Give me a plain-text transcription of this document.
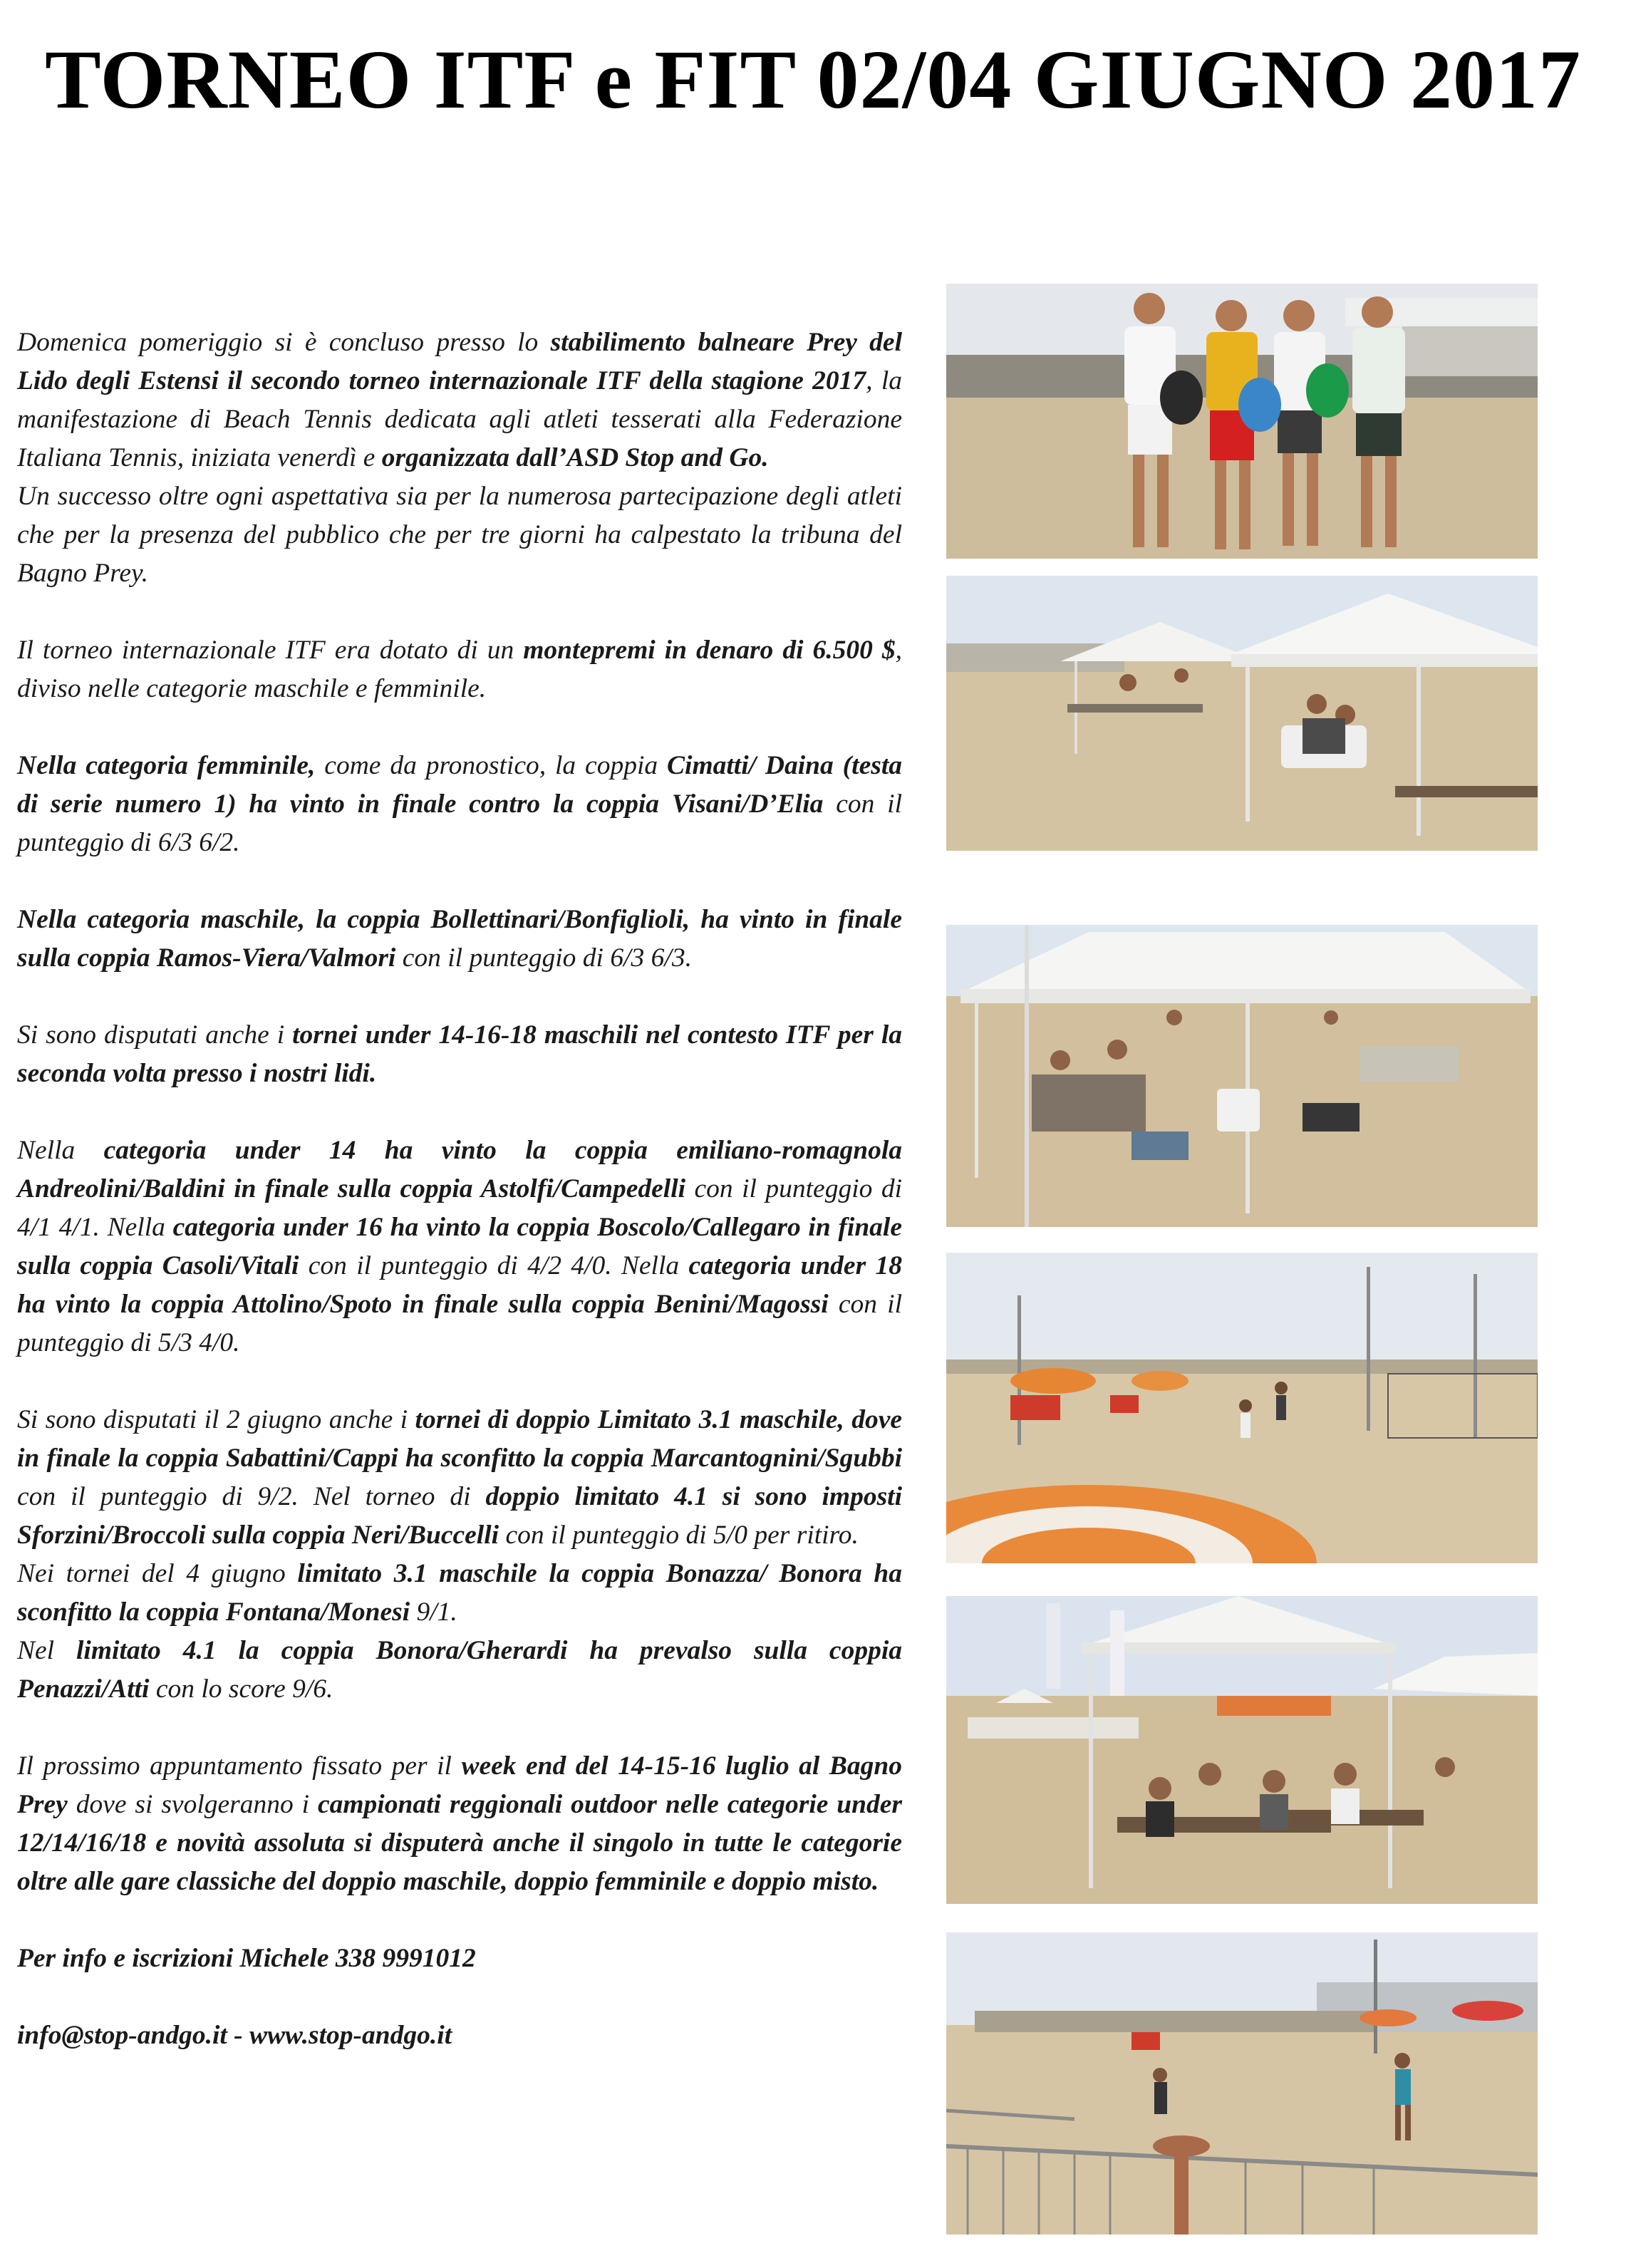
TORNEO ITF e FIT 02/04 GIUGNO 2017

Domenica pomeriggio si è concluso presso lo stabilimento balneare Prey del Lido degli Estensi il secondo torneo internazionale ITF della stagione 2017, la manifestazione di Beach Tennis dedicata agli atleti tesserati alla Federazione Italiana Tennis, iniziata venerdì e organizzata dall’ASD Stop and Go.

Un successo oltre ogni aspettativa sia per la numerosa partecipazione degli atleti che per la presenza del pubblico che per tre giorni ha calpestato la tribuna del Bagno Prey.

Il torneo internazionale ITF era dotato di un montepremi in denaro di 6.500 $, diviso nelle categorie maschile e femminile.

Nella categoria femminile, come da pronostico, la coppia Cimatti/ Daina (testa di serie numero 1) ha vinto in finale contro la coppia Visani/D’Elia con il punteggio di 6/3 6/2.

Nella categoria maschile, la coppia Bollettinari/Bonfiglioli, ha vinto in finale sulla coppia Ramos-Viera/Valmori con il punteggio di 6/3 6/3.

Si sono disputati anche i tornei under 14-16-18 maschili nel contesto ITF per la seconda volta presso i nostri lidi.

Nella categoria under 14 ha vinto la coppia emiliano-romagnola Andreolini/Baldini in finale sulla coppia Astolfi/Campedelli con il punteggio di 4/1 4/1. Nella categoria under 16 ha vinto la coppia Boscolo/Callegaro in finale sulla coppia Casoli/Vitali con il punteggio di 4/2 4/0. Nella categoria under 18 ha vinto la coppia Attolino/Spoto in finale sulla coppia Benini/Magossi con il punteggio di 5/3 4/0.

Si sono disputati il 2 giugno anche i tornei di doppio Limitato 3.1 maschile, dove in finale la coppia Sabattini/Cappi ha sconfitto la coppia Marcantognini/Sgubbi con il punteggio di 9/2. Nel torneo di doppio limitato 4.1 si sono imposti Sforzini/Broccoli sulla coppia Neri/Buccelli con il punteggio di 5/0 per ritiro.

Nei tornei del 4 giugno limitato 3.1 maschile la coppia Bonazza/ Bonora ha sconfitto la coppia Fontana/Monesi 9/1.

Nel limitato 4.1 la coppia Bonora/Gherardi ha prevalso sulla coppia Penazzi/Atti con lo score 9/6.

Il prossimo appuntamento fissato per il week end del 14-15-16 luglio al Bagno Prey dove si svolgeranno i campionati reggionali outdoor nelle categorie under 12/14/16/18 e novità assoluta si disputerà anche il singolo in tutte le categorie oltre alle gare classiche del doppio maschile, doppio femminile e doppio misto.

Per info e iscrizioni Michele 338 9991012

info@stop-andgo.it - www.stop-andgo.it
